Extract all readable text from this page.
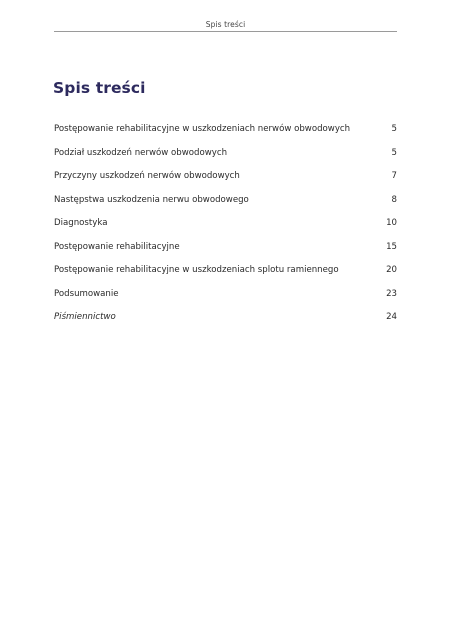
Spis treści
Spis treści
Postępowanie rehabilitacyjne w uszkodzeniach nerwów obwodowych	5
Podział uszkodzeń nerwów obwodowych	5
Przyczyny uszkodzeń nerwów obwodowych	7
Następstwa uszkodzenia nerwu obwodowego	8
Diagnostyka	10
Postępowanie rehabilitacyjne	15
Postępowanie rehabilitacyjne w uszkodzeniach splotu ramiennego	20
Podsumowanie	23
Piśmiennictwo	24
